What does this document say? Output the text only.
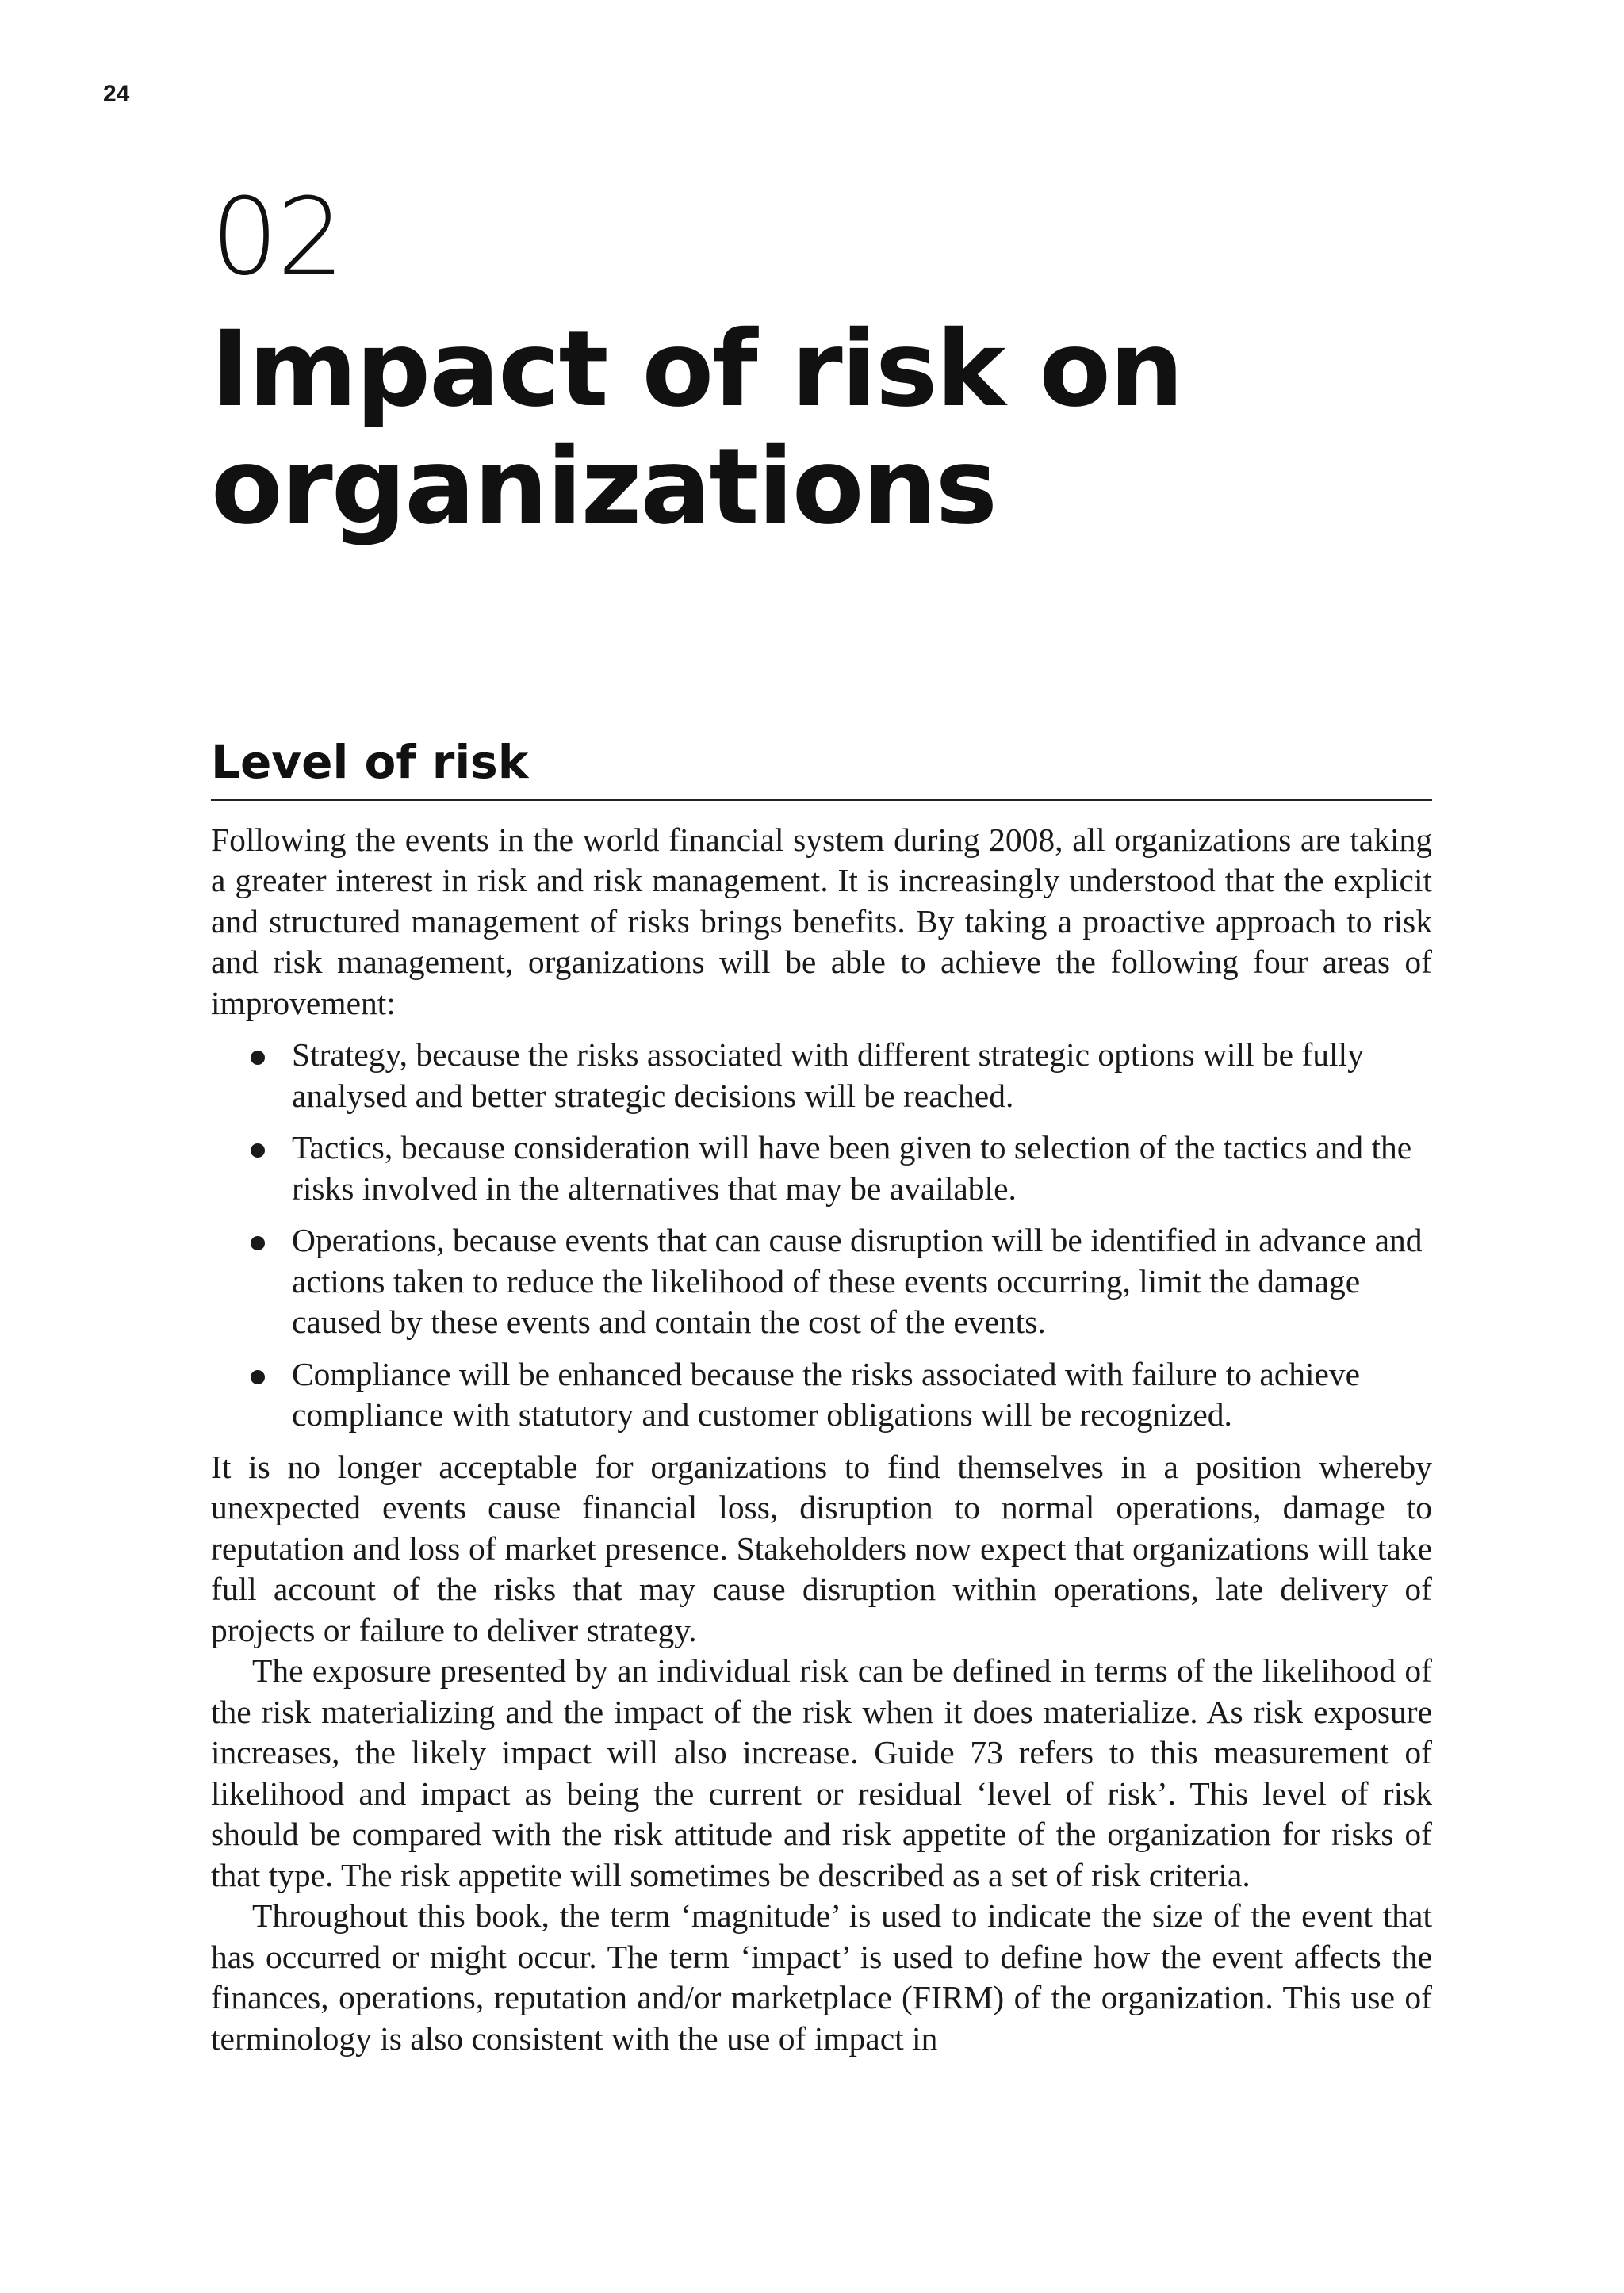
24
02
Impact of risk on organizations
Level of risk

Following the events in the world financial system during 2008, all organizations are taking a greater interest in risk and risk management. It is increasingly understood that the explicit and structured management of risks brings benefits. By taking a proactive approach to risk and risk management, organizations will be able to achieve the following four areas of improvement:

Strategy, because the risks associated with different strategic options will be fully analysed and better strategic decisions will be reached.
Tactics, because consideration will have been given to selection of the tactics and the risks involved in the alternatives that may be available.
Operations, because events that can cause disruption will be identified in advance and actions taken to reduce the likelihood of these events occurring, limit the damage caused by these events and contain the cost of the events.
Compliance will be enhanced because the risks associated with failure to achieve compliance with statutory and customer obligations will be recognized.

It is no longer acceptable for organizations to find themselves in a position whereby unexpected events cause financial loss, disruption to normal operations, damage to reputation and loss of market presence. Stakeholders now expect that organizations will take full account of the risks that may cause disruption within operations, late delivery of projects or failure to deliver strategy.

The exposure presented by an individual risk can be defined in terms of the likelihood of the risk materializing and the impact of the risk when it does materialize. As risk exposure increases, the likely impact will also increase. Guide 73 refers to this measurement of likelihood and impact as being the current or residual ‘level of risk’. This level of risk should be compared with the risk attitude and risk appetite of the organization for risks of that type. The risk appetite will sometimes be described as a set of risk criteria.

Throughout this book, the term ‘magnitude’ is used to indicate the size of the event that has occurred or might occur. The term ‘impact’ is used to define how the event affects the finances, operations, reputation and/or marketplace (FIRM) of the organization. This use of terminology is also consistent with the use of impact in
